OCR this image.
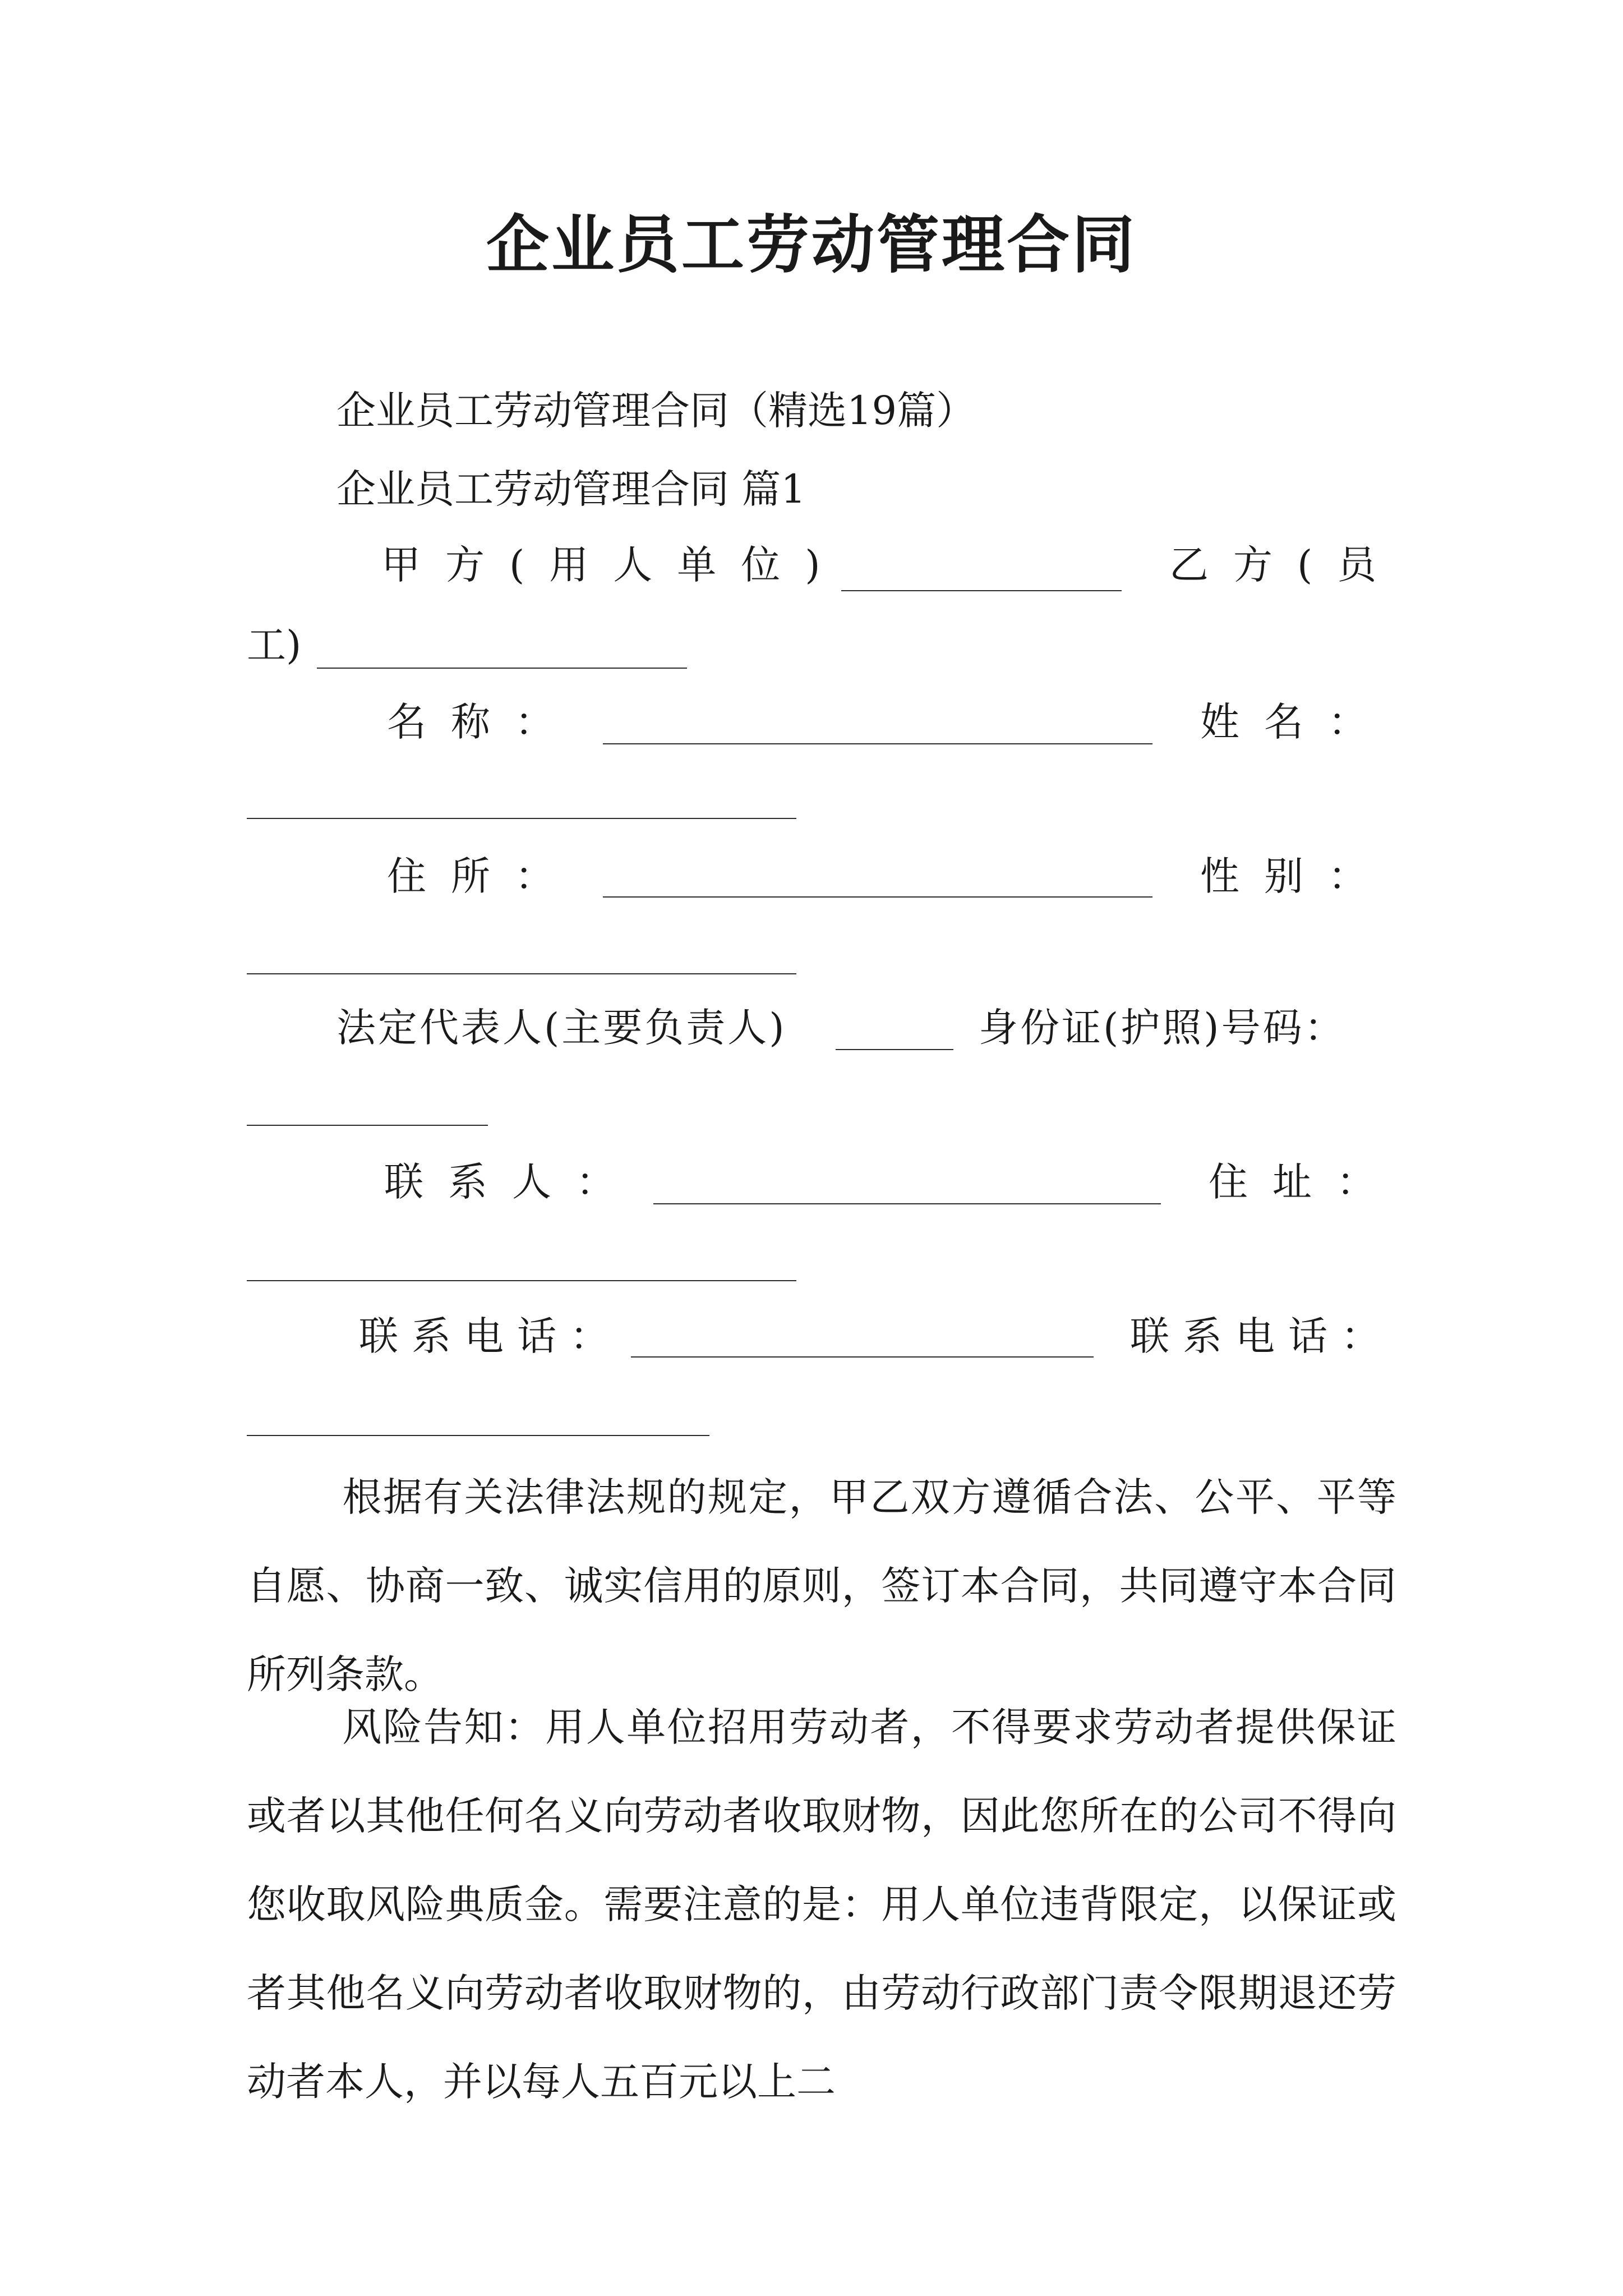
企业员工劳动管理合同
企业员工劳动管理合同（精选19篇）
企业员工劳动管理合同 篇1
甲方(用人单位)	乙方(员
工)
名称：	姓名：
住所：	性别：
法定代表人(主要负责人)	身份证(护照)号码：
联系人：	住址：
联系电话：	联系电话：
根据有关法律法规的规定，甲乙双方遵循合法、公平、平等自愿、协商一致、诚实信用的原则，签订本合同，共同遵守本合同所列条款。
风险告知：用人单位招用劳动者，不得要求劳动者提供保证或者以其他任何名义向劳动者收取财物，因此您所在的公司不得向您收取风险典质金。需要注意的是：用人单位违背限定，以保证或者其他名义向劳动者收取财物的，由劳动行政部门责令限期退还劳动者本人，并以每人五百元以上二
